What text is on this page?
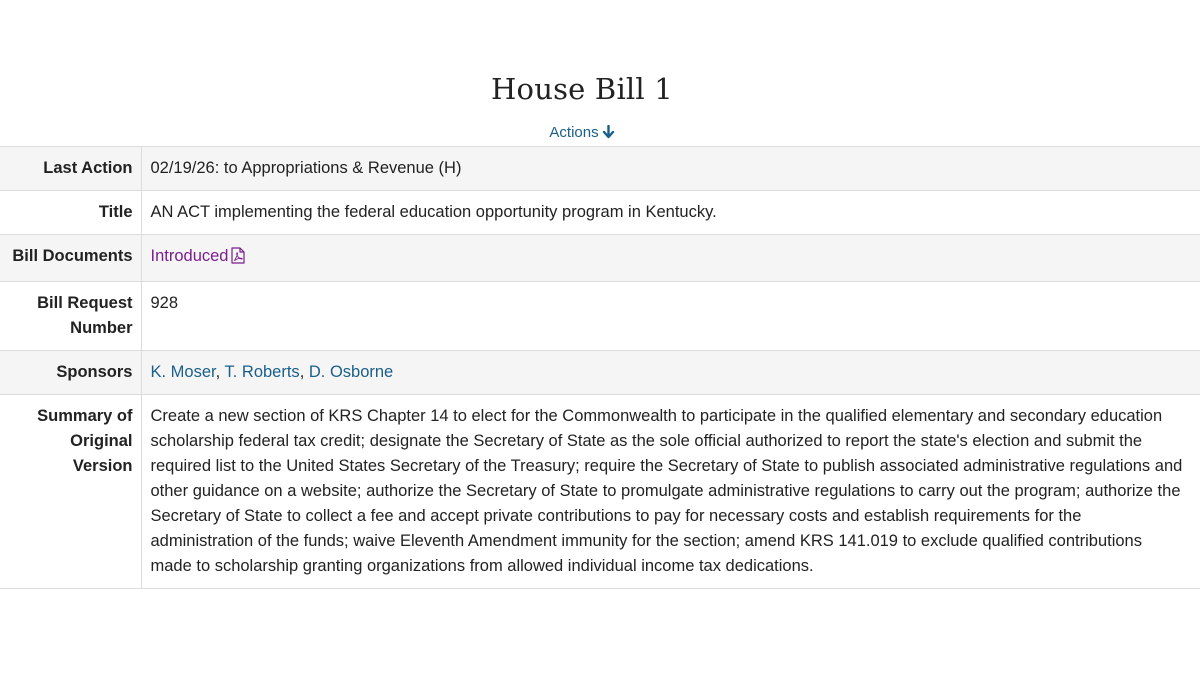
House Bill 1
Actions
Last Action	02/19/26: to Appropriations & Revenue (H)
Title	AN ACT implementing the federal education opportunity program in Kentucky.
Bill Documents	Introduced
Bill Request
Number	928
Sponsors	K. Moser, T. Roberts, D. Osborne
Summary of
Original Version	Create a new section of KRS Chapter 14 to elect for the Commonwealth to participate in the qualified elementary and secondary education scholarship federal tax credit; designate the Secretary of State as the sole official authorized to report the state's election and submit the required list to the United States Secretary of the Treasury; require the Secretary of State to publish associated administrative regulations and other guidance on a website; authorize the Secretary of State to promulgate administrative regulations to carry out the program; authorize the Secretary of State to collect a fee and accept private contributions to pay for necessary costs and establish requirements for the administration of the funds; waive Eleventh Amendment immunity for the section; amend KRS 141.019 to exclude qualified contributions made to scholarship granting organizations from allowed individual income tax dedications.
